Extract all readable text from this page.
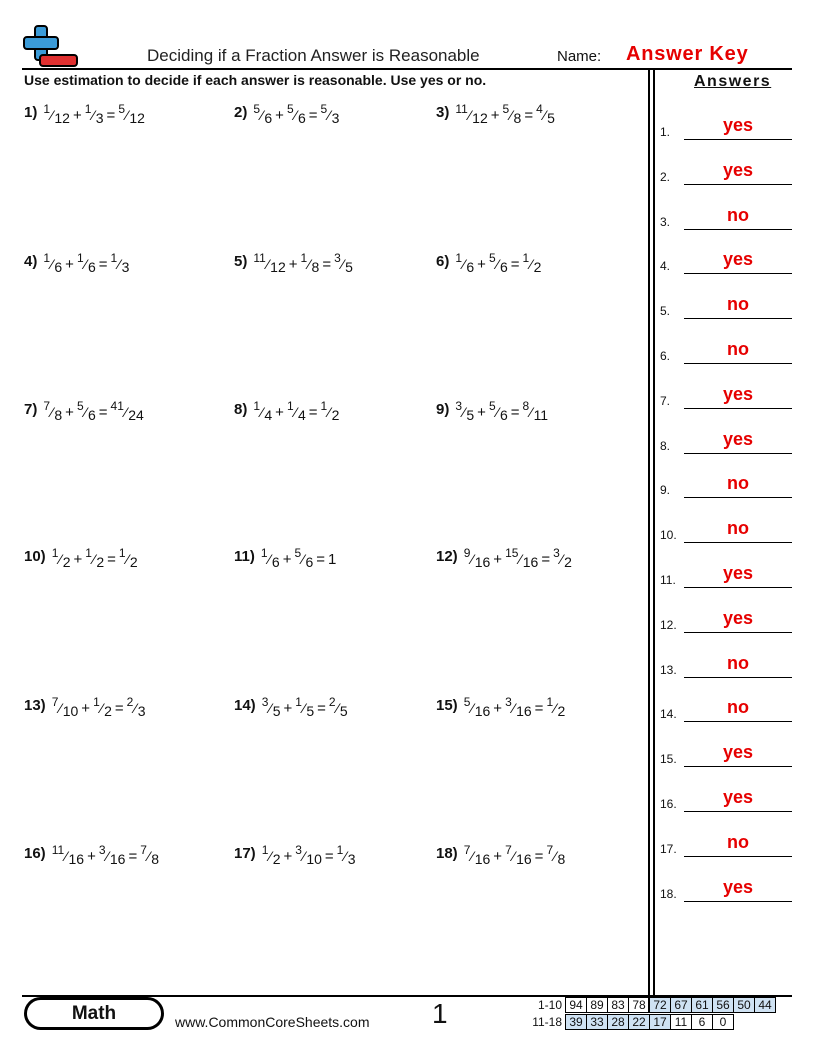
Deciding if a Fraction Answer is Reasonable	Name: Answer Key
Use estimation to decide if each answer is reasonable. Use yes or no.	Answers
1) $^1$⁄12 + $^1$⁄3 = $^5$⁄12	2) $^5$⁄6 + $^5$⁄6 = $^5$⁄3	3) $^{11}$⁄12 + $^5$⁄8 = $^4$⁄5
4) $^1$⁄6 + $^1$⁄6 = $^1$⁄3	5) $^{11}$⁄12 + $^1$⁄8 = $^3$⁄5	6) $^1$⁄6 + $^5$⁄6 = $^1$⁄2
7) $^7$⁄8 + $^5$⁄6 = $^{41}$⁄24	8) $^1$⁄4 + $^1$⁄4 = $^1$⁄2	9) $^3$⁄5 + $^5$⁄6 = $^8$⁄11
10) $^1$⁄2 + $^1$⁄2 = $^1$⁄2	11) $^1$⁄6 + $^5$⁄6 = 1	12) $^9$⁄16 + $^{15}$⁄16 = $^3$⁄2
13) $^7$⁄10 + $^1$⁄2 = $^2$⁄3	14) $^3$⁄5 + $^1$⁄5 = $^2$⁄5	15) $^5$⁄16 + $^3$⁄16 = $^1$⁄2
16) $^{11}$⁄16 + $^3$⁄16 = $^7$⁄8	17) $^1$⁄2 + $^3$⁄10 = $^1$⁄3	18) $^7$⁄16 + $^7$⁄16 = $^7$⁄8
1.	yes
2.	yes
3.	no
4.	yes
5.	no
6.	no
7.	yes
8.	yes
9.	no
10.	no
11.	yes
12.	yes
13.	no
14.	no
15.	yes
16.	yes
17.	no
18.	yes
Math	www.CommonCoreSheets.com 1	1-10 94	89	83	78	72	67	61	56	50	44
11-18 39	33	28	22	17	11	6	0
